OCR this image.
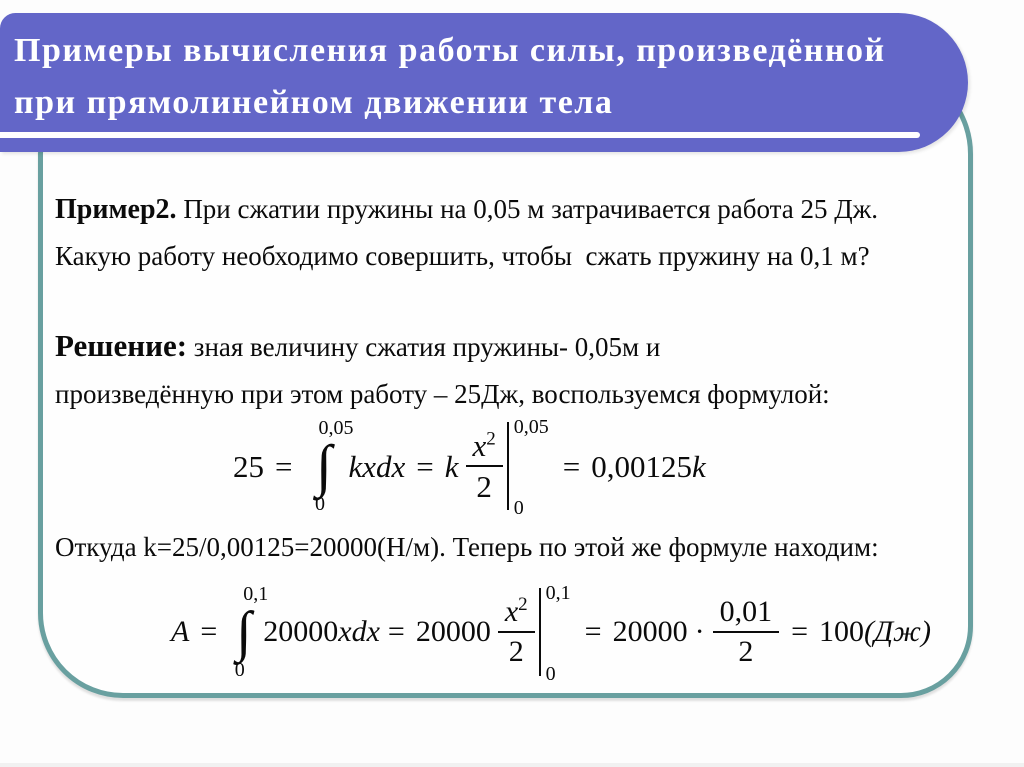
Примеры вычисления работы силы, произведённой
при прямолинейном движении тела

Пример2. При сжатии пружины на 0,05 м затрачивается работа 25 Дж.
Какую работу необходимо совершить, чтобы  сжать пружину на 0,1 м?

Решение: зная величину сжатия пружины- 0,05м и
произведённую при этом работу – 25Дж, воспользуемся формулой:

25 =
0,05
∫
0
kxdx = k $\frac{x^2}{2}$
0,05
0
= 0,00125 k

Откуда k=25/0,00125=20000(Н/м). Теперь по этой же формуле находим:

A =
0,1
∫
0
20000 xdx = $20000 \frac{x^2}{2}$
0,1
0
= $20000 \cdot \frac{0,01}{2} = 100$ (Дж)
